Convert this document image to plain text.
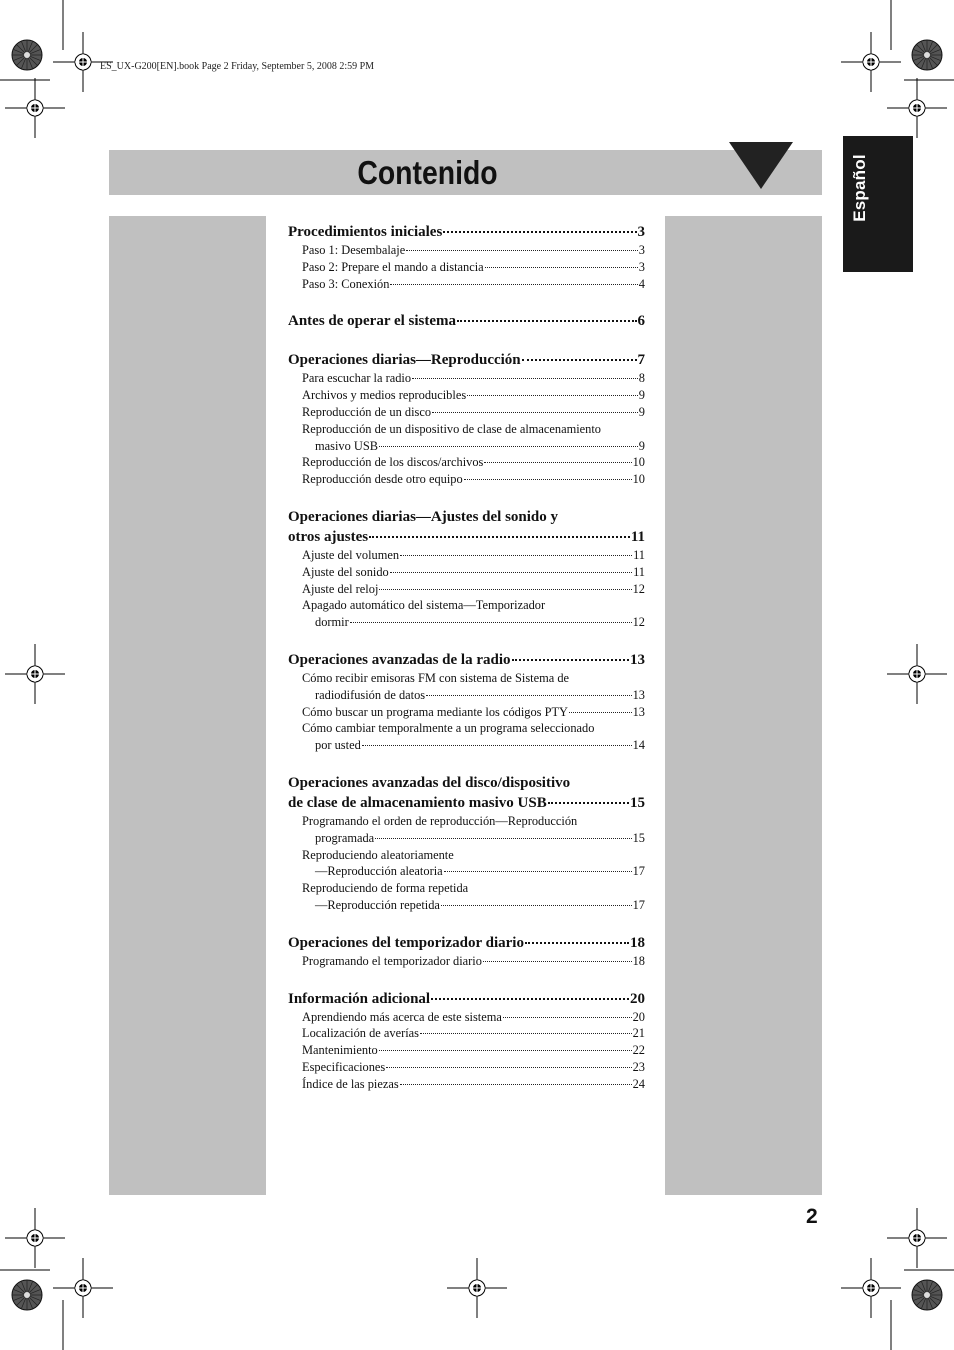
ES_UX-G200[EN].book Page 2 Friday, September 5, 2008 2:59 PM
Contenido	Español
Procedimientos iniciales	3
Paso 1: Desembalaje	3
Paso 2: Prepare el mando a distancia	3
Paso 3: Conexión	4
Antes de operar el sistema	6
Operaciones diarias—Reproducción	7
Para escuchar la radio	8
Archivos y medios reproducibles	9
Reproducción de un disco	9
Reproducción de un dispositivo de clase de almacenamiento
masivo USB	9
Reproducción de los discos/archivos	10
Reproducción desde otro equipo	10
Operaciones diarias—Ajustes del sonido y
otros ajustes	11
Ajuste del volumen	11
Ajuste del sonido	11
Ajuste del reloj	12
Apagado automático del sistema—Temporizador
dormir	12
Operaciones avanzadas de la radio	13
Cómo recibir emisoras FM con sistema de Sistema de
radiodifusión de datos	13
Cómo buscar un programa mediante los códigos PTY	13
Cómo cambiar temporalmente a un programa seleccionado
por usted	14
Operaciones avanzadas del disco/dispositivo
de clase de almacenamiento masivo USB	15
Programando el orden de reproducción—Reproducción
programada	15
Reproduciendo aleatoriamente
—Reproducción aleatoria	17
Reproduciendo de forma repetida
—Reproducción repetida	17
Operaciones del temporizador diario	18
Programando el temporizador diario	18
Información adicional	20
Aprendiendo más acerca de este sistema	20
Localización de averías	21
Mantenimiento	22
Especificaciones	23
Índice de las piezas	24
2
